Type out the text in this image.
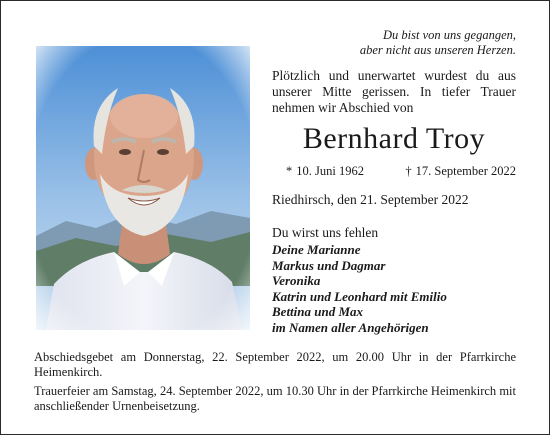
Du bist von uns gegangen,
aber nicht aus unseren Herzen.
Plötzlich und unerwartet wurdest du aus unserer Mitte gerissen. In tiefer Trauer nehmen wir Abschied von
Bernhard Troy
* 10. Juni 1962	† 17. September 2022
Riedhirsch, den 21. September 2022
Du wirst uns fehlen
Deine Marianne
Markus und Dagmar
Veronika
Katrin und Leonhard mit Emilio
Bettina und Max
im Namen aller Angehörigen
Abschiedsgebet am Donnerstag, 22. September 2022, um 20.00 Uhr in der Pfarrkirche Heimenkirch.
Trauerfeier am Samstag, 24. September 2022, um 10.30 Uhr in der Pfarrkirche Heimenkirch mit anschließender Urnenbeisetzung.
